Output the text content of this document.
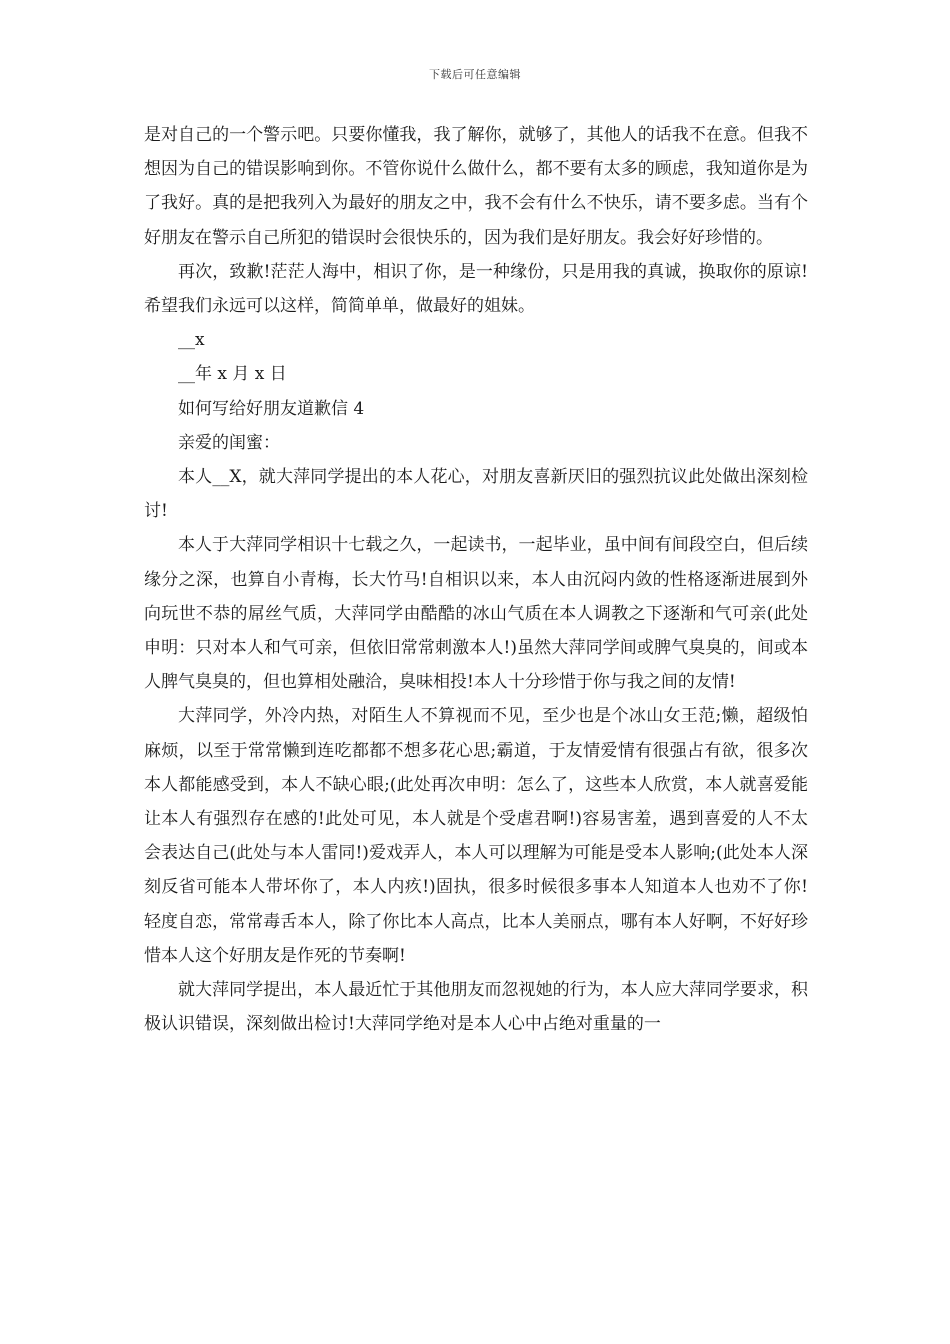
下载后可任意编辑

是对自己的一个警示吧。只要你懂我，我了解你，就够了，其他人的话我不在意。但我不想因为自己的错误影响到你。不管你说什么做什么，都不要有太多的顾虑，我知道你是为了我好。真的是把我列入为最好的朋友之中，我不会有什么不快乐，请不要多虑。当有个好朋友在警示自己所犯的错误时会很快乐的，因为我们是好朋友。我会好好珍惜的。

再次，致歉!茫茫人海中，相识了你，是一种缘份，只是用我的真诚，换取你的原谅!希望我们永远可以这样，简简单单，做最好的姐妹。

__x

__年 x 月 x 日

如何写给好朋友道歉信 4

亲爱的闺蜜：

本人__X，就大萍同学提出的本人花心，对朋友喜新厌旧的强烈抗议此处做出深刻检讨!

本人于大萍同学相识十七载之久，一起读书，一起毕业，虽中间有间段空白，但后续缘分之深，也算自小青梅，长大竹马!自相识以来，本人由沉闷内敛的性格逐渐进展到外向玩世不恭的屌丝气质，大萍同学由酷酷的冰山气质在本人调教之下逐渐和气可亲(此处申明：只对本人和气可亲，但依旧常常刺激本人!)虽然大萍同学间或脾气臭臭的，间或本人脾气臭臭的，但也算相处融洽，臭味相投!本人十分珍惜于你与我之间的友情!

大萍同学，外冷内热，对陌生人不算视而不见，至少也是个冰山女王范;懒，超级怕麻烦，以至于常常懒到连吃都都不想多花心思;霸道，于友情爱情有很强占有欲，很多次本人都能感受到，本人不缺心眼;(此处再次申明：怎么了，这些本人欣赏，本人就喜爱能让本人有强烈存在感的!此处可见，本人就是个受虐君啊!)容易害羞，遇到喜爱的人不太会表达自己(此处与本人雷同!)爱戏弄人，本人可以理解为可能是受本人影响;(此处本人深刻反省可能本人带坏你了，本人内疚!)固执，很多时候很多事本人知道本人也劝不了你!轻度自恋，常常毒舌本人，除了你比本人高点，比本人美丽点，哪有本人好啊，不好好珍惜本人这个好朋友是作死的节奏啊!

就大萍同学提出，本人最近忙于其他朋友而忽视她的行为，本人应大萍同学要求，积极认识错误，深刻做出检讨!大萍同学绝对是本人心中占绝对重量的一
